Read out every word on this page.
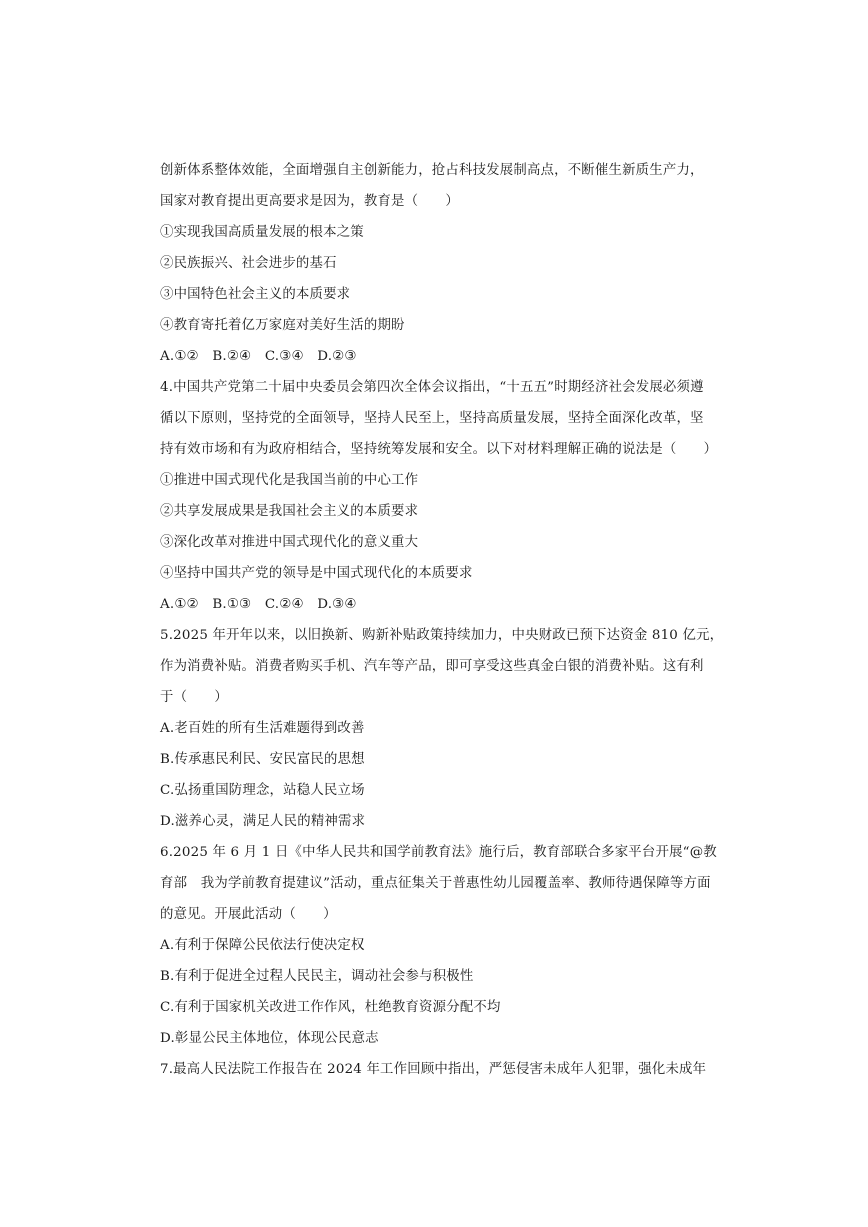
创新体系整体效能，全面增强自主创新能力，抢占科技发展制高点，不断催生新质生产力，
国家对教育提出更高要求是因为，教育是（　　）
①实现我国高质量发展的根本之策
②民族振兴、社会进步的基石
③中国特色社会主义的本质要求
④教育寄托着亿万家庭对美好生活的期盼
A.①②　B.②④　C.③④　D.②③
4.中国共产党第二十届中央委员会第四次全体会议指出，“十五五”时期经济社会发展必须遵
循以下原则，坚持党的全面领导，坚持人民至上，坚持高质量发展，坚持全面深化改革，坚
持有效市场和有为政府相结合，坚持统筹发展和安全。以下对材料理解正确的说法是（　　）
①推进中国式现代化是我国当前的中心工作
②共享发展成果是我国社会主义的本质要求
③深化改革对推进中国式现代化的意义重大
④坚持中国共产党的领导是中国式现代化的本质要求
A.①②　B.①③　C.②④　D.③④
5.2025 年开年以来，以旧换新、购新补贴政策持续加力，中央财政已预下达资金 810 亿元，
作为消费补贴。消费者购买手机、汽车等产品，即可享受这些真金白银的消费补贴。这有利
于（　　）
A.老百姓的所有生活难题得到改善
B.传承惠民利民、安民富民的思想
C.弘扬重国防理念，站稳人民立场
D.滋养心灵，满足人民的精神需求
6.2025 年 6 月 1 日《中华人民共和国学前教育法》施行后，教育部联合多家平台开展“@教
育部　我为学前教育提建议”活动，重点征集关于普惠性幼儿园覆盖率、教师待遇保障等方面
的意见。开展此活动（　　）
A.有利于保障公民依法行使决定权
B.有利于促进全过程人民民主，调动社会参与积极性
C.有利于国家机关改进工作作风，杜绝教育资源分配不均
D.彰显公民主体地位，体现公民意志
7.最高人民法院工作报告在 2024 年工作回顾中指出，严惩侵害未成年人犯罪，强化未成年
